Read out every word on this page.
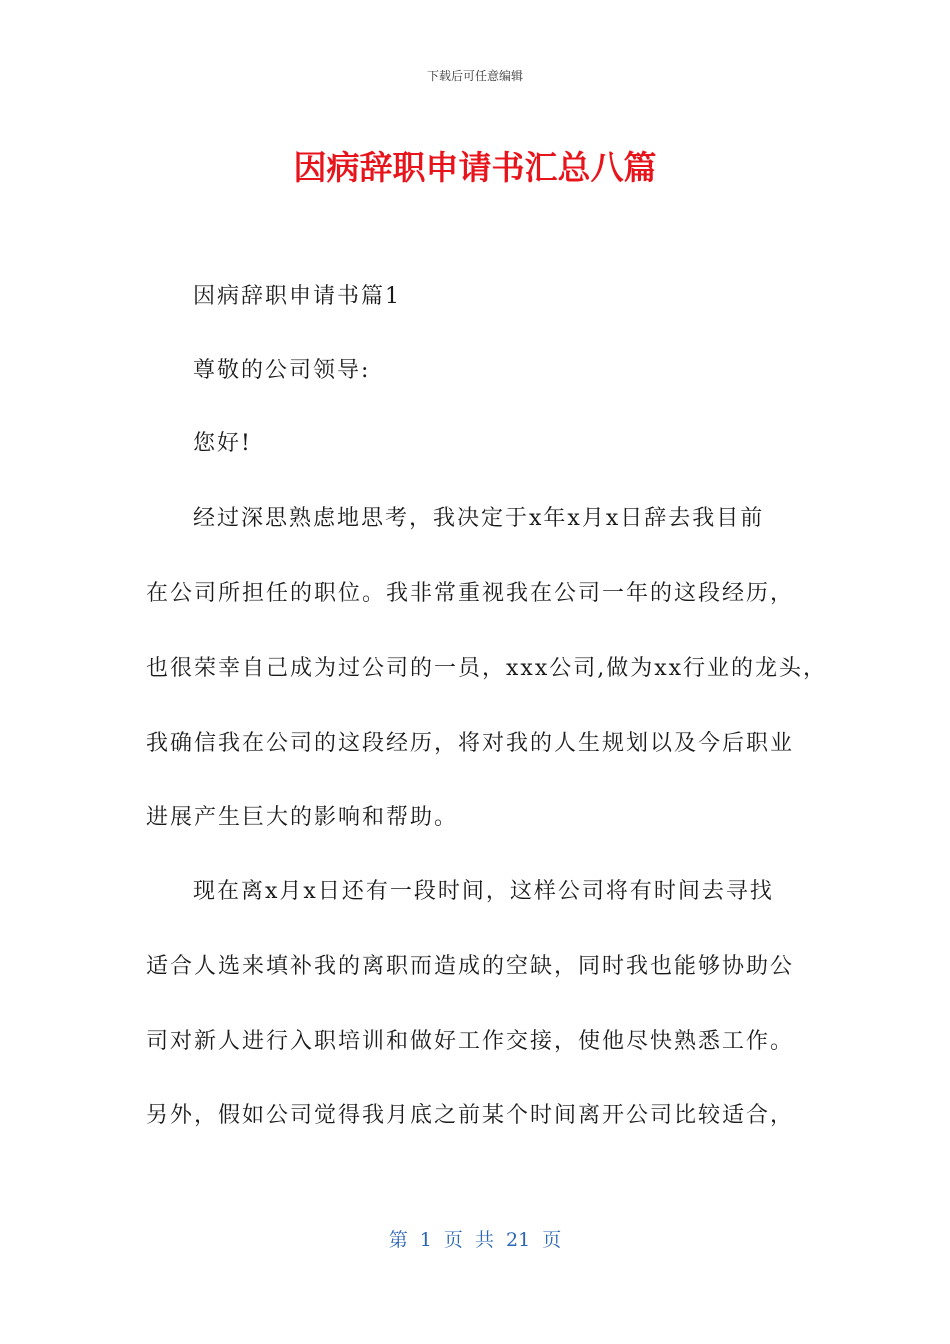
下载后可任意编辑
因病辞职申请书汇总八篇
因病辞职申请书篇1
尊敬的公司领导:
您好!
经过深思熟虑地思考，我决定于x年x月x日辞去我目前
在公司所担任的职位。我非常重视我在公司一年的这段经历，
也很荣幸自己成为过公司的一员，xxx公司,做为xx行业的龙头，
我确信我在公司的这段经历，将对我的人生规划以及今后职业
进展产生巨大的影响和帮助。
现在离x月x日还有一段时间，这样公司将有时间去寻找
适合人选来填补我的离职而造成的空缺，同时我也能够协助公
司对新人进行入职培训和做好工作交接，使他尽快熟悉工作。
另外，假如公司觉得我月底之前某个时间离开公司比较适合，
第 1 页 共 21 页
